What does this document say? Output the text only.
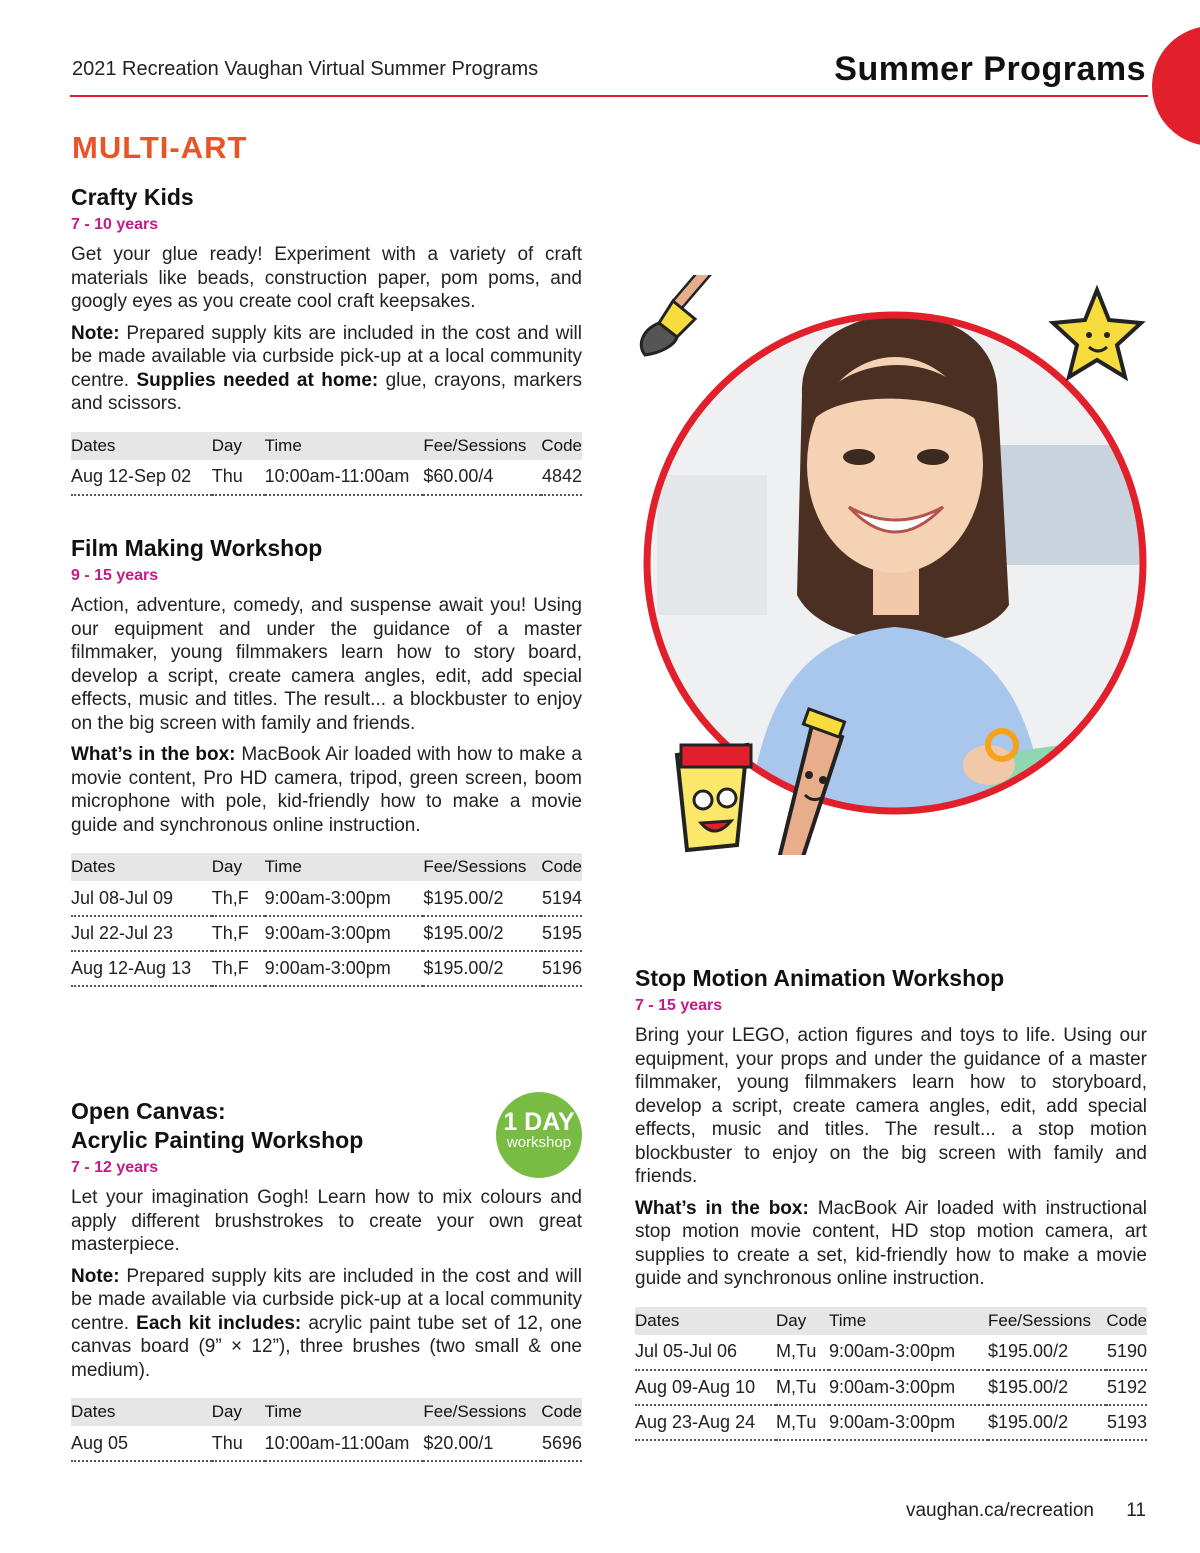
2021 Recreation Vaughan Virtual Summer Programs	Summer Programs
MULTI-ART
Crafty Kids
7 - 10 years

Get your glue ready! Experiment with a variety of craft materials like beads, construction paper, pom poms, and googly eyes as you create cool craft keepsakes.

Note: Prepared supply kits are included in the cost and will be made available via curbside pick-up at a local community centre. Supplies needed at home: glue, crayons, markers and scissors.

Dates	Day	Time	Fee/Sessions	Code
Aug 12-Sep 02	Thu	10:00am-11:00am	$60.00/4	4842
Film Making Workshop
9 - 15 years

Action, adventure, comedy, and suspense await you! Using our equipment and under the guidance of a master filmmaker, young filmmakers learn how to story board, develop a script, create camera angles, edit, add special effects, music and titles. The result... a blockbuster to enjoy on the big screen with family and friends.

What’s in the box: MacBook Air loaded with how to make a movie content, Pro HD camera, tripod, green screen, boom microphone with pole, kid-friendly how to make a movie guide and synchronous online instruction.

Dates	Day	Time	Fee/Sessions	Code
Jul 08-Jul 09	Th,F	9:00am-3:00pm	$195.00/2	5194
Jul 22-Jul 23	Th,F	9:00am-3:00pm	$195.00/2	5195
Aug 12-Aug 13	Th,F	9:00am-3:00pm	$195.00/2	5196
Open Canvas:
Acrylic Painting Workshop
7 - 12 years

Let your imagination Gogh! Learn how to mix colours and apply different brushstrokes to create your own great masterpiece.

Note: Prepared supply kits are included in the cost and will be made available via curbside pick-up at a local community centre. Each kit includes: acrylic paint tube set of 12, one canvas board (9” × 12”), three brushes (two small & one medium).

Dates	Day	Time	Fee/Sessions	Code
Aug 05	Thu	10:00am-11:00am	$20.00/1	5696
1 DAY
workshop
Stop Motion Animation Workshop
7 - 15 years

Bring your LEGO, action figures and toys to life. Using our equipment, your props and under the guidance of a master filmmaker, young filmmakers learn how to storyboard, develop a script, create camera angles, edit, add special effects, music and titles. The result... a stop motion blockbuster to enjoy on the big screen with family and friends.

What’s in the box: MacBook Air loaded with instructional stop motion movie content, HD stop motion camera, art supplies to create a set, kid-friendly how to make a movie guide and synchronous online instruction.

Dates	Day	Time	Fee/Sessions	Code
Jul 05-Jul 06	M,Tu	9:00am-3:00pm	$195.00/2	5190
Aug 09-Aug 10	M,Tu	9:00am-3:00pm	$195.00/2	5192
Aug 23-Aug 24	M,Tu	9:00am-3:00pm	$195.00/2	5193
vaughan.ca/recreation 11
